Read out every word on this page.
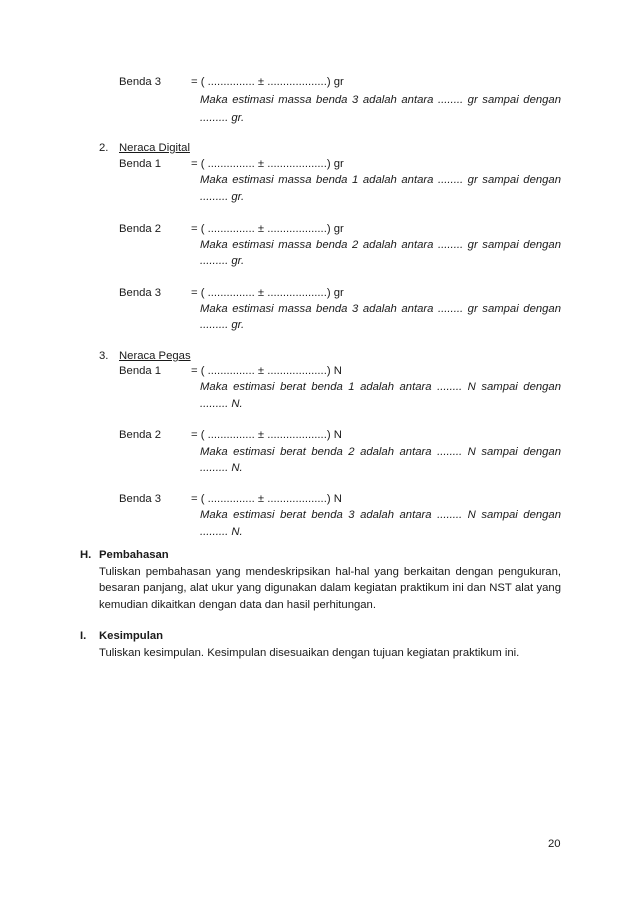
Benda 3	= ( ............... ± ...................) gr
Maka estimasi massa benda 3 adalah antara ........ gr sampai dengan
......... gr.
2. Neraca Digital
Benda 1	= ( ............... ± ...................) gr
Maka estimasi massa benda 1 adalah antara ........ gr sampai dengan
......... gr.
Benda 2	= ( ............... ± ...................) gr
Maka estimasi massa benda 2 adalah antara ........ gr sampai dengan
......... gr.
Benda 3	= ( ............... ± ...................) gr
Maka estimasi massa benda 3 adalah antara ........ gr sampai dengan
......... gr.
3. Neraca Pegas
Benda 1	= ( ............... ± ...................) N
Maka estimasi berat benda 1 adalah antara ........ N sampai dengan
......... N.
Benda 2	= ( ............... ± ...................) N
Maka estimasi berat benda 2 adalah antara ........ N sampai dengan
......... N.
Benda 3	= ( ............... ± ...................) N
Maka estimasi berat benda 3 adalah antara ........ N sampai dengan
......... N.
H. Pembahasan
Tuliskan pembahasan yang mendeskripsikan hal-hal yang berkaitan dengan pengukuran, besaran panjang, alat ukur yang digunakan dalam kegiatan praktikum ini dan NST alat yang kemudian dikaitkan dengan data dan hasil perhitungan.
I. Kesimpulan
Tuliskan kesimpulan. Kesimpulan disesuaikan dengan tujuan kegiatan praktikum ini.
20
